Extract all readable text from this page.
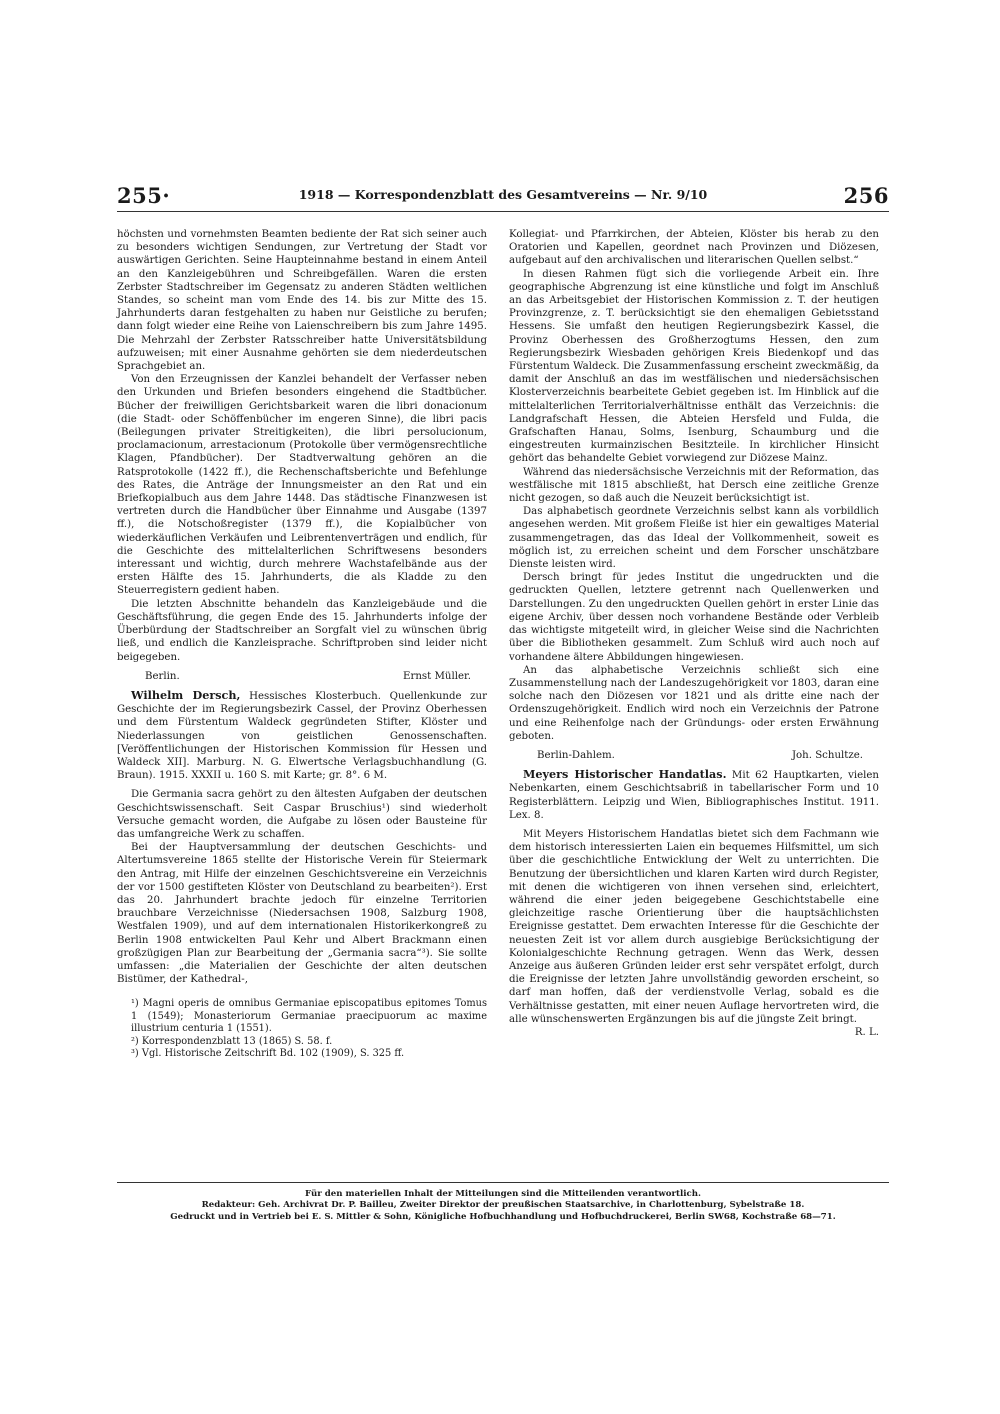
255·	1918 — Korrespondenzblatt des Gesamtvereins — Nr. 9/10	256

höchsten und vornehmsten Beamten bediente der Rat sich seiner auch zu besonders wichtigen Sendungen, zur Vertretung der Stadt vor auswärtigen Gerichten. Seine Haupteinnahme bestand in einem Anteil an den Kanzleigebühren und Schreibgefällen. Waren die ersten Zerbster Stadtschreiber im Gegensatz zu anderen Städten weltlichen Standes, so scheint man vom Ende des 14. bis zur Mitte des 15. Jahrhunderts daran festgehalten zu haben nur Geistliche zu berufen; dann folgt wieder eine Reihe von Laienschreibern bis zum Jahre 1495. Die Mehrzahl der Zerbster Ratsschreiber hatte Universitätsbildung aufzuweisen; mit einer Ausnahme gehörten sie dem niederdeutschen Sprachgebiet an.

Von den Erzeugnissen der Kanzlei behandelt der Verfasser neben den Urkunden und Briefen besonders eingehend die Stadtbücher. Bücher der freiwilligen Gerichtsbarkeit waren die libri donacionum (die Stadt- oder Schöffenbücher im engeren Sinne), die libri pacis (Beilegungen privater Streitigkeiten), die libri persolucionum, proclamacionum, arrestacionum (Protokolle über vermögensrechtliche Klagen, Pfandbücher). Der Stadtverwaltung gehören an die Ratsprotokolle (1422 ff.), die Rechenschaftsberichte und Befehlunge des Rates, die Anträge der Innungsmeister an den Rat und ein Briefkopialbuch aus dem Jahre 1448. Das städtische Finanzwesen ist vertreten durch die Handbücher über Einnahme und Ausgabe (1397 ff.), die Notschoßregister (1379 ff.), die Kopialbücher von wiederkäuflichen Verkäufen und Leibrentenverträgen und endlich, für die Geschichte des mittelalterlichen Schriftwesens besonders interessant und wichtig, durch mehrere Wachstafelbände aus der ersten Hälfte des 15. Jahrhunderts, die als Kladde zu den Steuerregistern gedient haben.

Die letzten Abschnitte behandeln das Kanzleigebäude und die Geschäftsführung, die gegen Ende des 15. Jahrhunderts infolge der Überbürdung der Stadtschreiber an Sorgfalt viel zu wünschen übrig ließ, und endlich die Kanzleisprache. Schriftproben sind leider nicht beigegeben.

Berlin.	Ernst Müller.

Wilhelm Dersch, Hessisches Klosterbuch. Quellenkunde zur Geschichte der im Regierungsbezirk Cassel, der Provinz Oberhessen und dem Fürstentum Waldeck gegründeten Stifter, Klöster und Niederlassungen von geistlichen Genossenschaften. [Veröffentlichungen der Historischen Kommission für Hessen und Waldeck XII]. Marburg. N. G. Elwertsche Verlagsbuchhandlung (G. Braun). 1915. XXXII u. 160 S. mit Karte; gr. 8°. 6 M.

Die Germania sacra gehört zu den ältesten Aufgaben der deutschen Geschichtswissenschaft. Seit Caspar Bruschius¹) sind wiederholt Versuche gemacht worden, die Aufgabe zu lösen oder Bausteine für das umfangreiche Werk zu schaffen.

Bei der Hauptversammlung der deutschen Geschichts- und Altertumsvereine 1865 stellte der Historische Verein für Steiermark den Antrag, mit Hilfe der einzelnen Geschichtsvereine ein Verzeichnis der vor 1500 gestifteten Klöster von Deutschland zu bearbeiten²). Erst das 20. Jahrhundert brachte jedoch für einzelne Territorien brauchbare Verzeichnisse (Niedersachsen 1908, Salzburg 1908, Westfalen 1909), und auf dem internationalen Historikerkongreß zu Berlin 1908 entwickelten Paul Kehr und Albert Brackmann einen großzügigen Plan zur Bearbeitung der „Germania sacra“³). Sie sollte umfassen: „die Materialien der Geschichte der alten deutschen Bistümer, der Kathedral-,

¹) Magni operis de omnibus Germaniae episcopatibus epitomes Tomus 1 (1549); Monasteriorum Germaniae praecipuorum ac maxime illustrium centuria 1 (1551).

²) Korrespondenzblatt 13 (1865) S. 58. f.

³) Vgl. Historische Zeitschrift Bd. 102 (1909), S. 325 ff.

Kollegiat- und Pfarrkirchen, der Abteien, Klöster bis herab zu den Oratorien und Kapellen, geordnet nach Provinzen und Diözesen, aufgebaut auf den archivalischen und literarischen Quellen selbst.“

In diesen Rahmen fügt sich die vorliegende Arbeit ein. Ihre geographische Abgrenzung ist eine künstliche und folgt im Anschluß an das Arbeitsgebiet der Historischen Kommission z. T. der heutigen Provinzgrenze, z. T. berücksichtigt sie den ehemaligen Gebietsstand Hessens. Sie umfaßt den heutigen Regierungsbezirk Kassel, die Provinz Oberhessen des Großherzogtums Hessen, den zum Regierungsbezirk Wiesbaden gehörigen Kreis Biedenkopf und das Fürstentum Waldeck. Die Zusammenfassung erscheint zweckmäßig, da damit der Anschluß an das im westfälischen und niedersächsischen Klosterverzeichnis bearbeitete Gebiet gegeben ist. Im Hinblick auf die mittelalterlichen Territorialverhältnisse enthält das Verzeichnis: die Landgrafschaft Hessen, die Abteien Hersfeld und Fulda, die Grafschaften Hanau, Solms, Isenburg, Schaumburg und die eingestreuten kurmainzischen Besitzteile. In kirchlicher Hinsicht gehört das behandelte Gebiet vorwiegend zur Diözese Mainz.

Während das niedersächsische Verzeichnis mit der Reformation, das westfälische mit 1815 abschließt, hat Dersch eine zeitliche Grenze nicht gezogen, so daß auch die Neuzeit berücksichtigt ist.

Das alphabetisch geordnete Verzeichnis selbst kann als vorbildlich angesehen werden. Mit großem Fleiße ist hier ein gewaltiges Material zusammengetragen, das das Ideal der Vollkommenheit, soweit es möglich ist, zu erreichen scheint und dem Forscher unschätzbare Dienste leisten wird.

Dersch bringt für jedes Institut die ungedruckten und die gedruckten Quellen, letztere getrennt nach Quellenwerken und Darstellungen. Zu den ungedruckten Quellen gehört in erster Linie das eigene Archiv, über dessen noch vorhandene Bestände oder Verbleib das wichtigste mitgeteilt wird, in gleicher Weise sind die Nachrichten über die Bibliotheken gesammelt. Zum Schluß wird auch noch auf vorhandene ältere Abbildungen hingewiesen.

An das alphabetische Verzeichnis schließt sich eine Zusammenstellung nach der Landeszugehörigkeit vor 1803, daran eine solche nach den Diözesen vor 1821 und als dritte eine nach der Ordenszugehörigkeit. Endlich wird noch ein Verzeichnis der Patrone und eine Reihenfolge nach der Gründungs- oder ersten Erwähnung geboten.

Berlin-Dahlem.	Joh. Schultze.

Meyers Historischer Handatlas. Mit 62 Hauptkarten, vielen Nebenkarten, einem Geschichtsabriß in tabellarischer Form und 10 Registerblättern. Leipzig und Wien, Bibliographisches Institut. 1911. Lex. 8.

Mit Meyers Historischem Handatlas bietet sich dem Fachmann wie dem historisch interessierten Laien ein bequemes Hilfsmittel, um sich über die geschichtliche Entwicklung der Welt zu unterrichten. Die Benutzung der übersichtlichen und klaren Karten wird durch Register, mit denen die wichtigeren von ihnen versehen sind, erleichtert, während die einer jeden beigegebene Geschichtstabelle eine gleichzeitige rasche Orientierung über die hauptsächlichsten Ereignisse gestattet. Dem erwachten Interesse für die Geschichte der neuesten Zeit ist vor allem durch ausgiebige Berücksichtigung der Kolonialgeschichte Rechnung getragen. Wenn das Werk, dessen Anzeige aus äußeren Gründen leider erst sehr verspätet erfolgt, durch die Ereignisse der letzten Jahre unvollständig geworden erscheint, so darf man hoffen, daß der verdienstvolle Verlag, sobald es die Verhältnisse gestatten, mit einer neuen Auflage hervortreten wird, die alle wünschenswerten Ergänzungen bis auf die jüngste Zeit bringt.
R. L.

Für den materiellen Inhalt der Mitteilungen sind die Mitteilenden verantwortlich.
Redakteur: Geh. Archivrat Dr. P. Bailleu, Zweiter Direktor der preußischen Staatsarchive, in Charlottenburg, Sybelstraße 18.
Gedruckt und in Vertrieb bei E. S. Mittler & Sohn, Königliche Hofbuchhandlung und Hofbuchdruckerei, Berlin SW68, Kochstraße 68—71.
